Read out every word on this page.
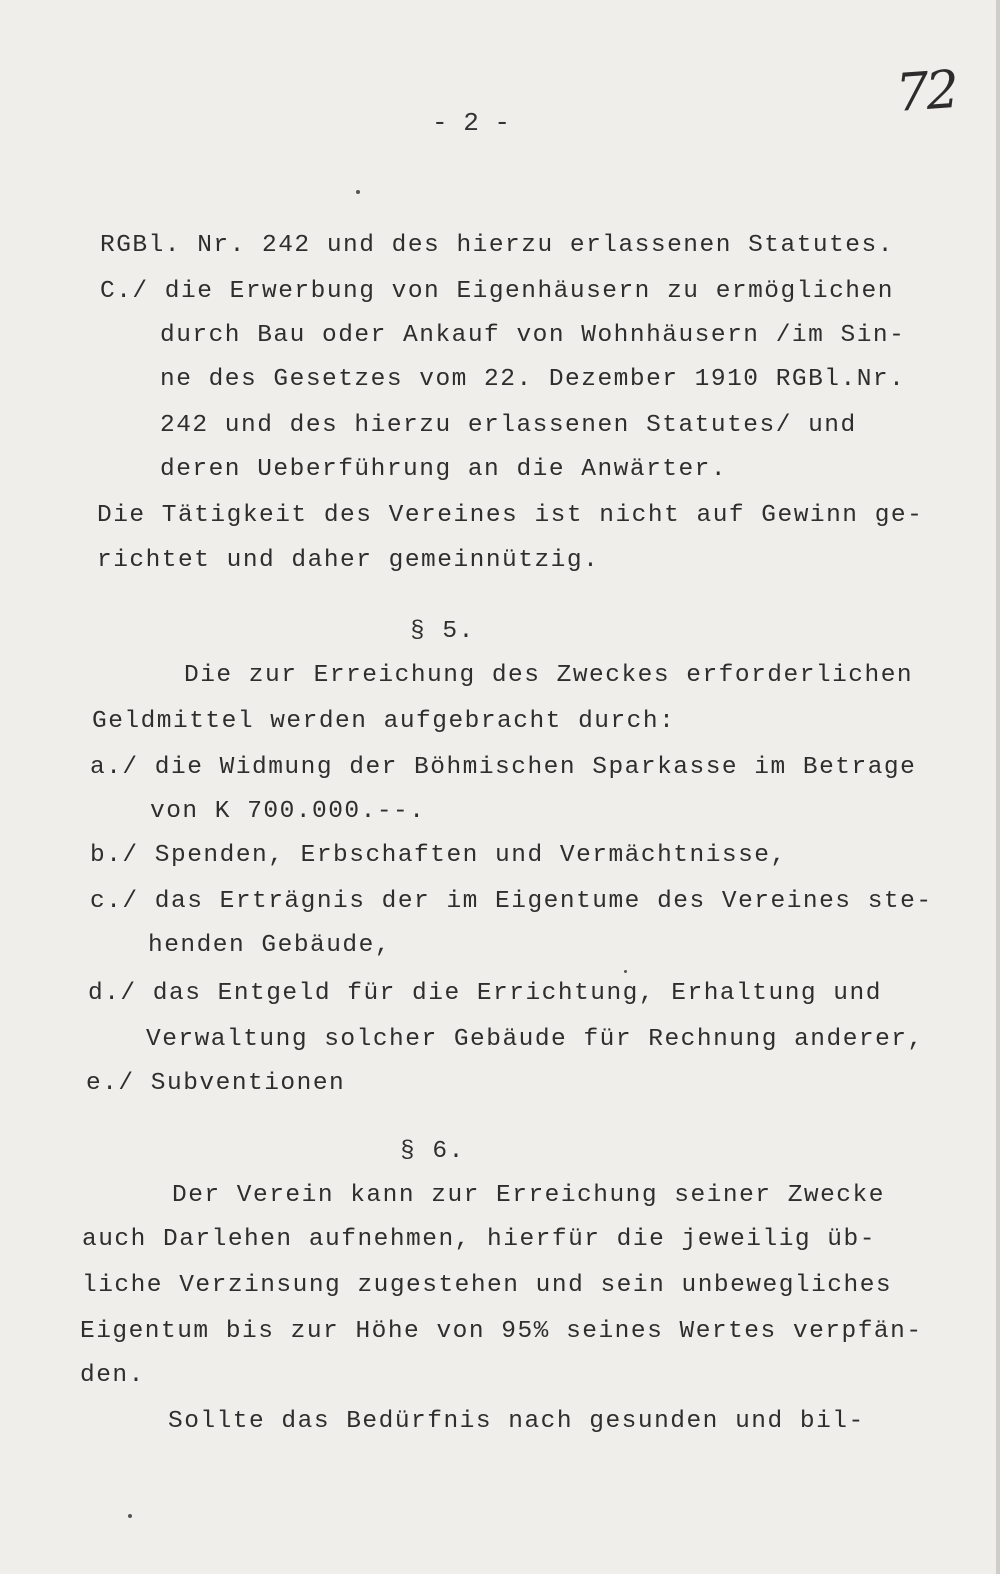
72
- 2 -
RGBl. Nr. 242 und des hierzu erlassenen Statutes.
C./ die Erwerbung von Eigenhäusern zu ermöglichen
durch Bau oder Ankauf von Wohnhäusern /im Sin-
ne des Gesetzes vom 22. Dezember 1910 RGBl.Nr.
242 und des hierzu erlassenen Statutes/ und
deren Ueberführung an die Anwärter.
Die Tätigkeit des Vereines ist nicht auf Gewinn ge-
richtet und daher gemeinnützig.
§ 5.
Die zur Erreichung des Zweckes erforderlichen
Geldmittel werden aufgebracht durch:
a./ die Widmung der Böhmischen Sparkasse im Betrage
von K 700.000.--.
b./ Spenden, Erbschaften und Vermächtnisse,
c./ das Erträgnis der im Eigentume des Vereines ste-
henden Gebäude,
d./ das Entgeld für die Errichtung, Erhaltung und
Verwaltung solcher Gebäude für Rechnung anderer,
e./ Subventionen
§ 6.
Der Verein kann zur Erreichung seiner Zwecke
auch Darlehen aufnehmen, hierfür die jeweilig üb-
liche Verzinsung zugestehen und sein unbewegliches
Eigentum bis zur Höhe von 95% seines Wertes verpfän-
den.
Sollte das Bedürfnis nach gesunden und bil-
